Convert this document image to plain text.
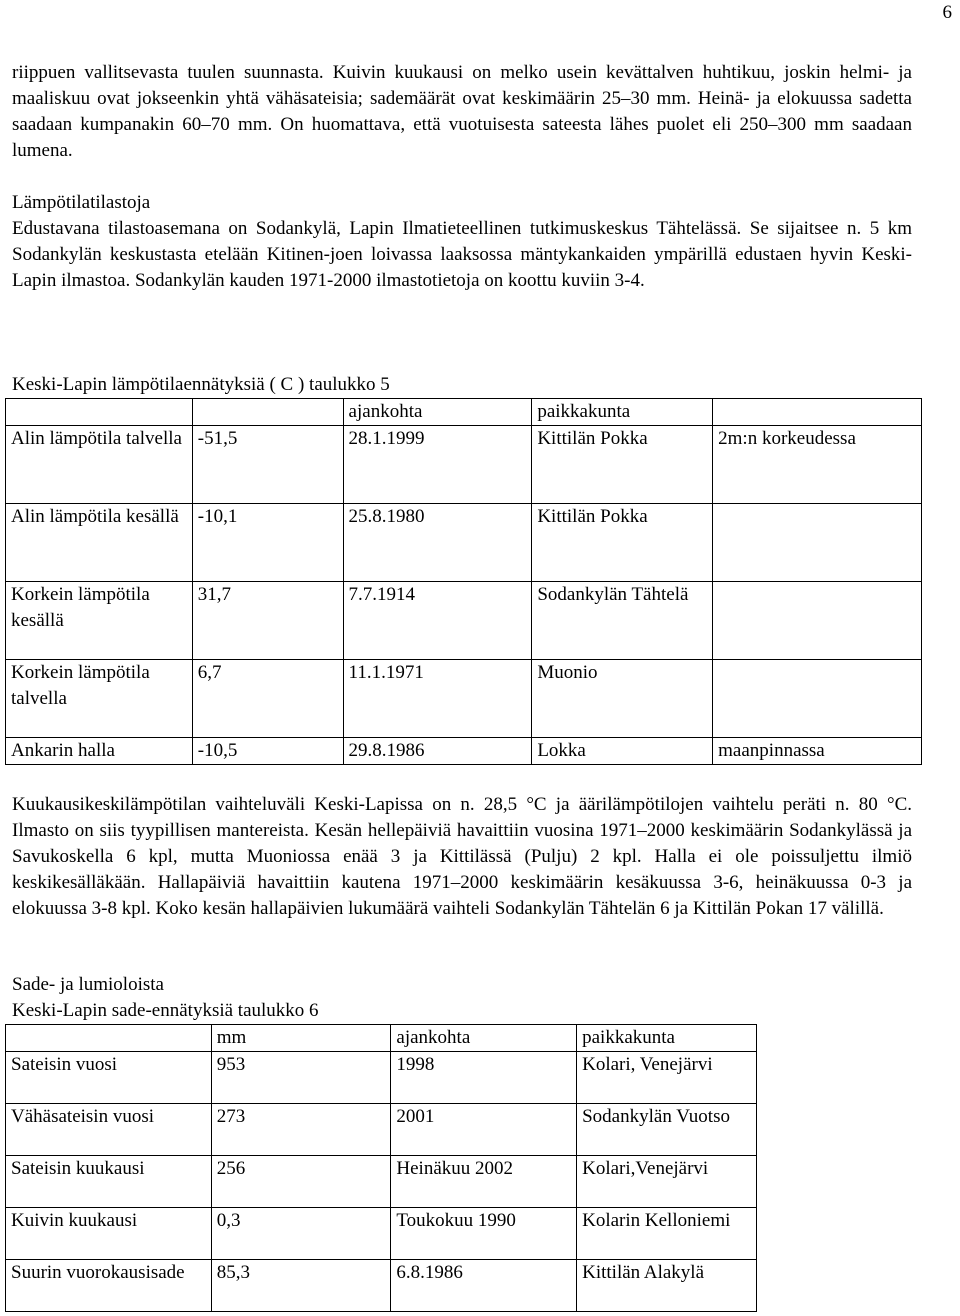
6

riippuen vallitsevasta tuulen suunnasta. Kuivin kuukausi on melko usein kevättalven huhtikuu, joskin helmi- ja maaliskuu ovat jokseenkin yhtä vähäsateisia; sademäärät ovat keskimäärin 25–30 mm. Heinä- ja elokuussa sadetta saadaan kumpanakin 60–70 mm. On huomattava, että vuotuisesta sateesta lähes puolet eli 250–300 mm saadaan lumena.

Lämpötilatilastoja

Edustavana tilastoasemana on Sodankylä, Lapin Ilmatieteellinen tutkimuskeskus Tähtelässä. Se sijaitsee n. 5 km Sodankylän keskustasta etelään Kitinen-joen loivassa laaksossa mäntykankaiden ympärillä edustaen hyvin Keski-Lapin ilmastoa. Sodankylän kauden 1971-2000 ilmastotietoja on koottu kuviin 3-4.

Keski-Lapin lämpötilaennätyksiä ( C ) taulukko 5

		ajankohta	paikkakunta	
Alin lämpötila talvella	-51,5	28.1.1999	Kittilän Pokka	2m:n korkeudessa
Alin lämpötila kesällä	-10,1	25.8.1980	Kittilän Pokka	
Korkein lämpötila kesällä	31,7	7.7.1914	Sodankylän Tähtelä	
Korkein lämpötila talvella	6,7	11.1.1971	Muonio	
Ankarin halla	-10,5	29.8.1986	Lokka	maanpinnassa

Kuukausikeskilämpötilan vaihteluväli Keski-Lapissa on n. 28,5 °C ja äärilämpötilojen vaihtelu peräti n. 80 °C. Ilmasto on siis tyypillisen mantereista. Kesän hellepäiviä havaittiin vuosina 1971–2000 keskimäärin Sodankylässä ja Savukoskella 6 kpl, mutta Muoniossa enää 3 ja Kittilässä (Pulju) 2 kpl. Halla ei ole poissuljettu ilmiö keskikesälläkään. Hallapäiviä havaittiin kautena 1971–2000 keskimäärin kesäkuussa 3-6, heinäkuussa 0-3 ja elokuussa 3-8 kpl. Koko kesän hallapäivien lukumäärä vaihteli Sodankylän Tähtelän 6 ja Kittilän Pokan 17 välillä.

Sade- ja lumioloista

Keski-Lapin sade-ennätyksiä taulukko 6

	mm	ajankohta	paikkakunta
Sateisin vuosi	953	1998	Kolari, Venejärvi
Vähäsateisin vuosi	273	2001	Sodankylän Vuotso
Sateisin kuukausi	256	Heinäkuu 2002	Kolari,Venejärvi
Kuivin kuukausi	0,3	Toukokuu 1990	Kolarin Kelloniemi
Suurin vuorokausisade	85,3	6.8.1986	Kittilän Alakylä
